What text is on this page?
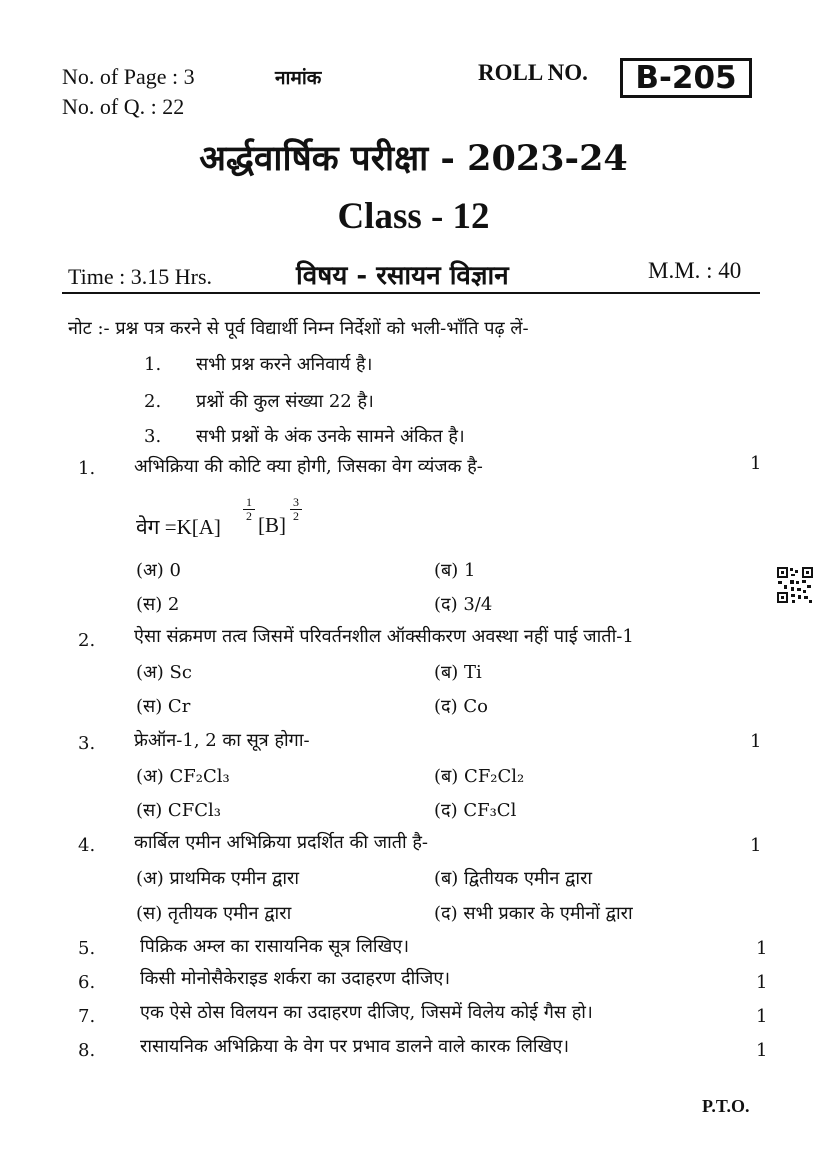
No. of Page : 3
No. of Q. : 22
नामांक	ROLL NO.	B-205
अर्द्धवार्षिक परीक्षा - 2023-24
Class - 12
Time : 3.15 Hrs.	विषय - रसायन विज्ञान	M.M. : 40
नोट :- प्रश्न पत्र करने से पूर्व विद्यार्थी निम्न निर्देशों को भली-भाँति पढ़ लें-
1. सभी प्रश्न करने अनिवार्य है।
2. प्रश्नों की कुल संख्या 22 है।
3. सभी प्रश्नों के अंक उनके सामने अंकित है।
1. अभिक्रिया की कोटि क्या होगी, जिसका वेग व्यंजक है-	1
वेग =K[A]
$\frac{1}{2}$
[B]
$\frac{3}{2}$
(अ) 0	(ब) 1
(स) 2	(द) 3/4
2. ऐसा संक्रमण तत्व जिसमें परिवर्तनशील ऑक्सीकरण अवस्था नहीं पाई जाती-1
(अ) Sc	(ब) Ti
(स) Cr	(द) Co
3. फ्रेऑन-1, 2 का सूत्र होगा-	1
(अ) CF₂Cl₃	(ब) CF₂Cl₂
(स) CFCl₃	(द) CF₃Cl
4. कार्बिल एमीन अभिक्रिया प्रदर्शित की जाती है-	1
(अ) प्राथमिक एमीन द्वारा	(ब) द्वितीयक एमीन द्वारा
(स) तृतीयक एमीन द्वारा	(द) सभी प्रकार के एमीनों द्वारा
5. पिक्रिक अम्ल का रासायनिक सूत्र लिखिए।	1
6. किसी मोनोसैकेराइड शर्करा का उदाहरण दीजिए।	1
7. एक ऐसे ठोस विलयन का उदाहरण दीजिए, जिसमें विलेय कोई गैस हो।	1
8. रासायनिक अभिक्रिया के वेग पर प्रभाव डालने वाले कारक लिखिए।	1
P.T.O.
